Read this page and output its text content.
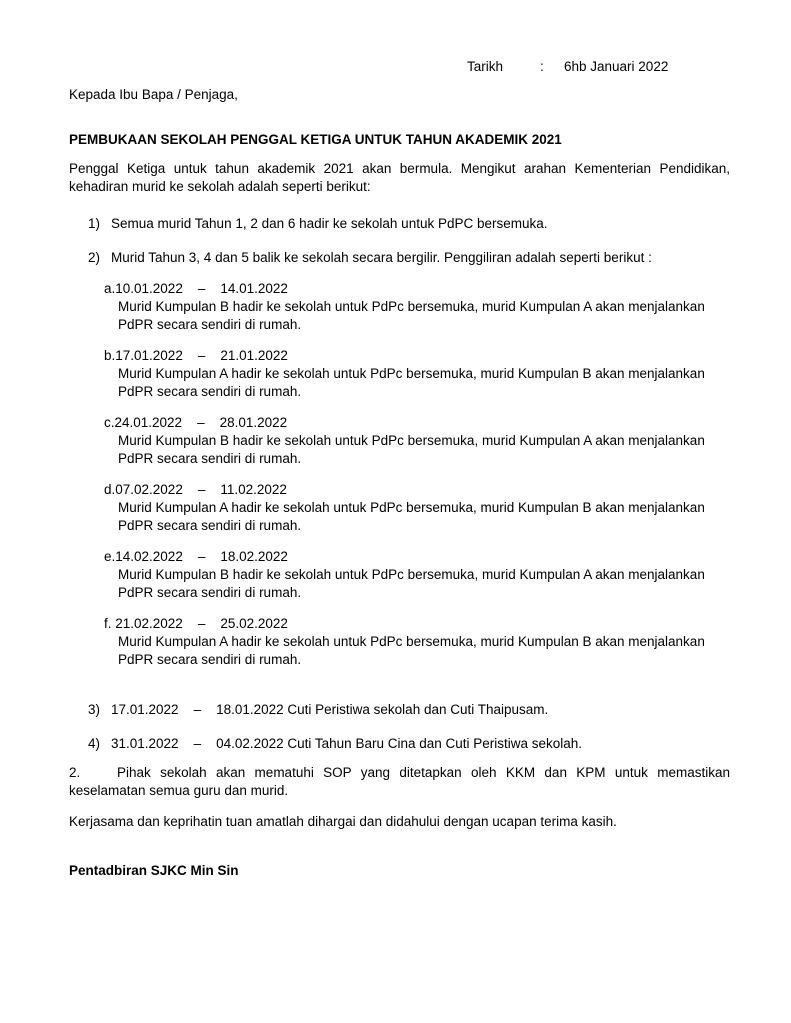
Tarikh	: 6hb Januari 2022
Kepada Ibu Bapa / Penjaga,
PEMBUKAAN SEKOLAH PENGGAL KETIGA UNTUK TAHUN AKADEMIK 2021
Penggal Ketiga untuk tahun akademik 2021 akan bermula. Mengikut arahan Kementerian Pendidikan, kehadiran murid ke sekolah adalah seperti berikut:
1) Semua murid Tahun 1, 2 dan 6 hadir ke sekolah untuk PdPC bersemuka.
2) Murid Tahun 3, 4 dan 5 balik ke sekolah secara bergilir. Penggiliran adalah seperti berikut :
a.10.01.2022    –    14.01.2022
Murid Kumpulan B hadir ke sekolah untuk PdPc bersemuka, murid Kumpulan A akan menjalankan PdPR secara sendiri di rumah.
b.17.01.2022    –    21.01.2022
Murid Kumpulan A hadir ke sekolah untuk PdPc bersemuka, murid Kumpulan B akan menjalankan PdPR secara sendiri di rumah.
c.24.01.2022    –    28.01.2022
Murid Kumpulan B hadir ke sekolah untuk PdPc bersemuka, murid Kumpulan A akan menjalankan PdPR secara sendiri di rumah.
d.07.02.2022    –    11.02.2022
Murid Kumpulan A hadir ke sekolah untuk PdPc bersemuka, murid Kumpulan B akan menjalankan PdPR secara sendiri di rumah.
e.14.02.2022    –    18.02.2022
Murid Kumpulan B hadir ke sekolah untuk PdPc bersemuka, murid Kumpulan A akan menjalankan PdPR secara sendiri di rumah.
f. 21.02.2022    –    25.02.2022
Murid Kumpulan A hadir ke sekolah untuk PdPc bersemuka, murid Kumpulan B akan menjalankan PdPR secara sendiri di rumah.
3) 17.01.2022    –    18.01.2022 Cuti Peristiwa sekolah dan Cuti Thaipusam.
4) 31.01.2022    –    04.02.2022 Cuti Tahun Baru Cina dan Cuti Peristiwa sekolah.
2.	Pihak sekolah akan mematuhi SOP yang ditetapkan oleh KKM dan KPM untuk memastikan keselamatan semua guru dan murid.
Kerjasama dan keprihatin tuan amatlah dihargai dan didahului dengan ucapan terima kasih.
Pentadbiran SJKC Min Sin
